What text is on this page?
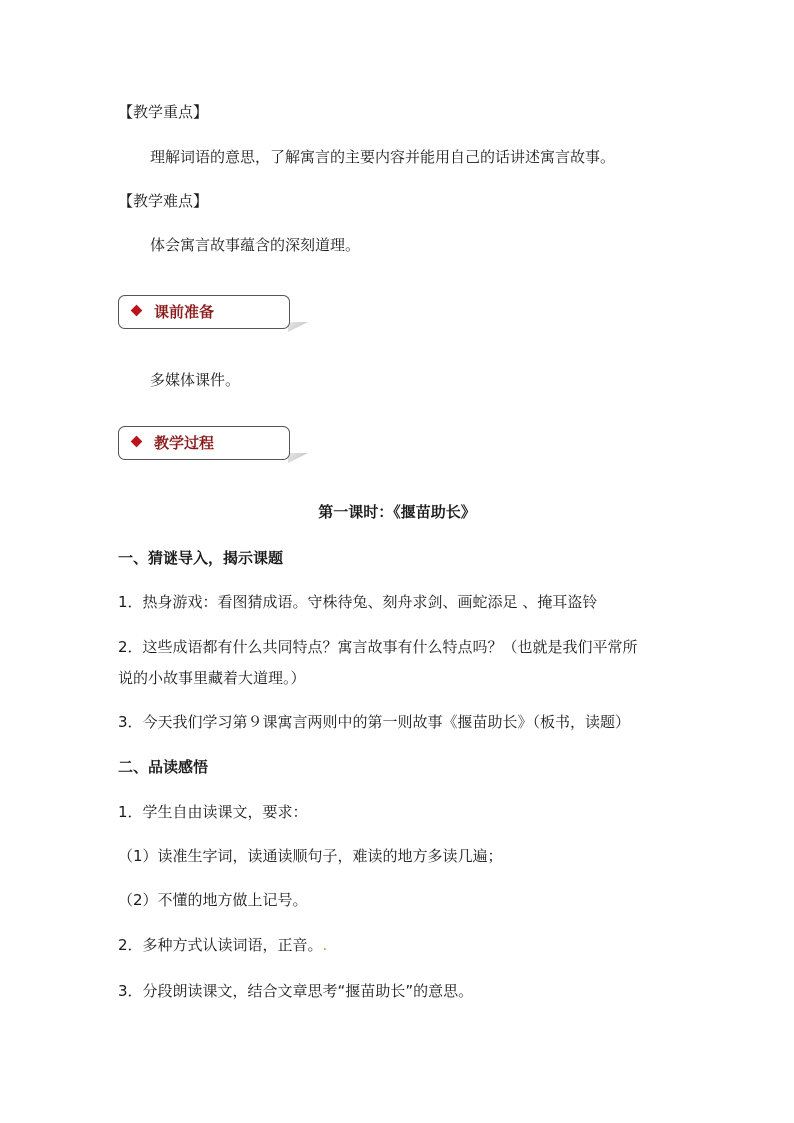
【教学重点】
理解词语的意思，了解寓言的主要内容并能用自己的话讲述寓言故事。
【教学难点】
体会寓言故事蕴含的深刻道理。
课前准备
多媒体课件。
教学过程
第一课时：《揠苗助长》
一、猜谜导入，揭示课题
1．热身游戏：看图猜成语。守株待兔、刻舟求剑、画蛇添足 、掩耳盗铃
2．这些成语都有什么共同特点？寓言故事有什么特点吗？（也就是我们平常所
说的小故事里藏着大道理。）
3．今天我们学习第９课寓言两则中的第一则故事《揠苗助长》（板书，读题）
二、品读感悟
1．学生自由读课文，要求：
（1）读准生字词，读通读顺句子，难读的地方多读几遍；
（2）不懂的地方做上记号。
2．多种方式认读词语，正音。.
3．分段朗读课文，结合文章思考“揠苗助长”的意思。
